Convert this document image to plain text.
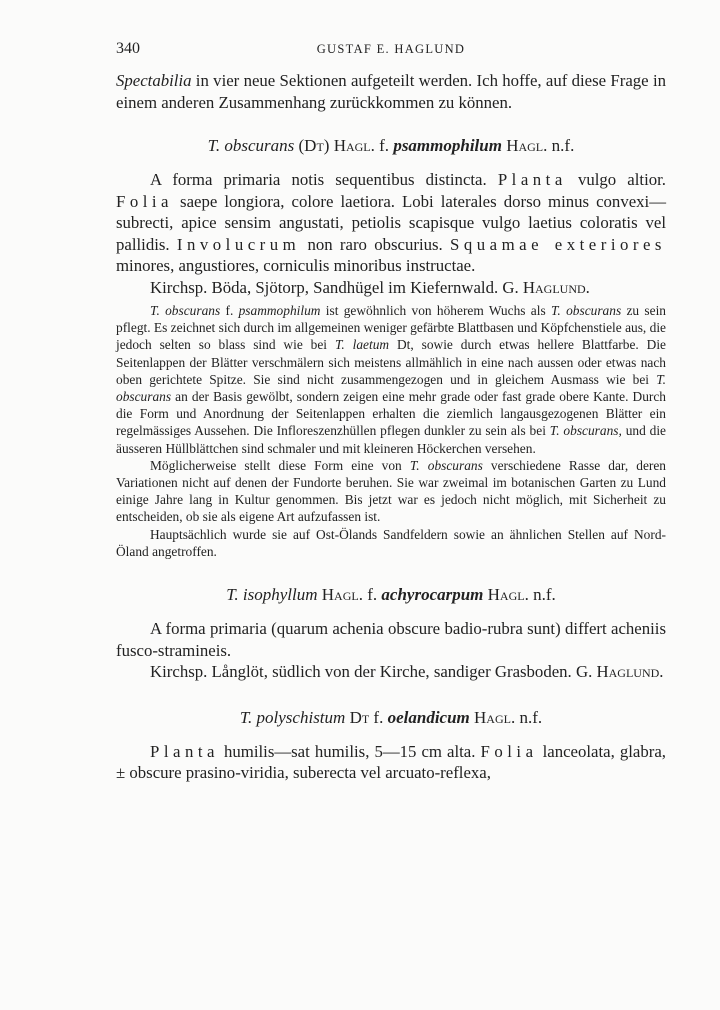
340	GUSTAF E. HAGLUND

Spectabilia in vier neue Sektionen aufgeteilt werden. Ich hoffe, auf diese Frage in einem anderen Zusammenhang zurückkommen zu können.

T. obscurans (Dt) Hagl. f. psammophilum Hagl. n.f.

A forma primaria notis sequentibus distincta. Planta vulgo altior. Folia saepe longiora, colore laetiora. Lobi laterales dorso minus convexi—subrecti, apice sensim angustati, petiolis scapisque vulgo laetius coloratis vel pallidis. Involucrum non raro obscurius. Squamae exteriores minores, angustiores, corniculis minoribus instructae.

Kirchsp. Böda, Sjötorp, Sandhügel im Kiefernwald. G. Haglund.

T. obscurans f. psammophilum ist gewöhnlich von höherem Wuchs als T. obscurans zu sein pflegt. Es zeichnet sich durch im allgemeinen weniger gefärbte Blattbasen und Köpfchenstiele aus, die jedoch selten so blass sind wie bei T. laetum Dt, sowie durch etwas hellere Blattfarbe. Die Seitenlappen der Blätter verschmälern sich meistens allmählich in eine nach aussen oder etwas nach oben gerichtete Spitze. Sie sind nicht zusammengezogen und in gleichem Ausmass wie bei T. obscurans an der Basis gewölbt, sondern zeigen eine mehr grade oder fast grade obere Kante. Durch die Form und Anordnung der Seitenlappen erhalten die ziemlich langausgezogenen Blätter ein regelmässiges Aussehen. Die Infloreszenzhüllen pflegen dunkler zu sein als bei T. obscurans, und die äusseren Hüllblättchen sind schmaler und mit kleineren Höckerchen versehen.

Möglicherweise stellt diese Form eine von T. obscurans verschiedene Rasse dar, deren Variationen nicht auf denen der Fundorte beruhen. Sie war zweimal im botanischen Garten zu Lund einige Jahre lang in Kultur genommen. Bis jetzt war es jedoch nicht möglich, mit Sicherheit zu entscheiden, ob sie als eigene Art aufzufassen ist.

Hauptsächlich wurde sie auf Ost-Ölands Sandfeldern sowie an ähnlichen Stellen auf Nord-Öland angetroffen.

T. isophyllum Hagl. f. achyrocarpum Hagl. n.f.

A forma primaria (quarum achenia obscure badio-rubra sunt) differt acheniis fusco-stramineis.

Kirchsp. Långlöt, südlich von der Kirche, sandiger Grasboden. G. Haglund.

T. polyschistum Dt f. oelandicum Hagl. n.f.

Planta humilis—sat humilis, 5—15 cm alta. Folia lanceolata, glabra, ± obscure prasino-viridia, suberecta vel arcuato-reflexa,
